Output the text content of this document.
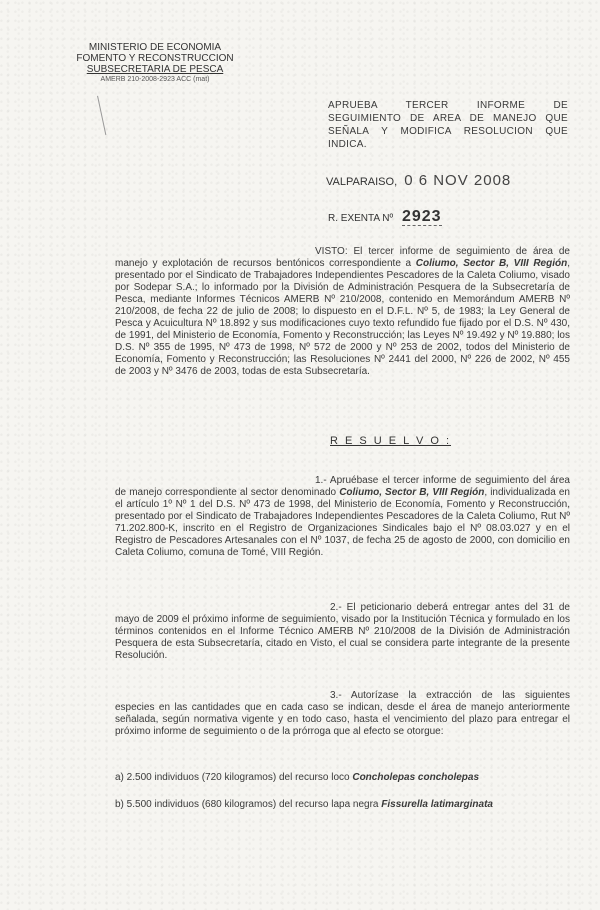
MINISTERIO DE ECONOMIA
FOMENTO Y RECONSTRUCCION
SUBSECRETARIA DE PESCA
AMERB 210-2008-2923 ACC (mat)
APRUEBA TERCER INFORME DE SEGUIMIENTO DE AREA DE MANEJO QUE SEÑALA Y MODIFICA RESOLUCION QUE INDICA.
VALPARAISO, 0 6 NOV 2008
R. EXENTA Nº 2923
VISTO: El tercer informe de seguimiento de área de manejo y explotación de recursos bentónicos correspondiente a Coliumo, Sector B, VIII Región, presentado por el Sindicato de Trabajadores Independientes Pescadores de la Caleta Coliumo, visado por Sodepar S.A.; lo informado por la División de Administración Pesquera de la Subsecretaría de Pesca, mediante Informes Técnicos AMERB Nº 210/2008, contenido en Memorándum AMERB Nº 210/2008, de fecha 22 de julio de 2008; lo dispuesto en el D.F.L. Nº 5, de 1983; la Ley General de Pesca y Acuicultura Nº 18.892 y sus modificaciones cuyo texto refundido fue fijado por el D.S. Nº 430, de 1991, del Ministerio de Economía, Fomento y Reconstrucción; las Leyes Nº 19.492 y Nº 19.880; los D.S. Nº 355 de 1995, Nº 473 de 1998, Nº 572 de 2000 y Nº 253 de 2002, todos del Ministerio de Economía, Fomento y Reconstrucción; las Resoluciones Nº 2441 del 2000, Nº 226 de 2002, Nº 455 de 2003 y Nº 3476 de 2003, todas de esta Subsecretaría.
R E S U E L V O :
1.- Apruébase el tercer informe de seguimiento del área de manejo correspondiente al sector denominado Coliumo, Sector B, VIII Región, individualizada en el artículo 1º Nº 1 del D.S. Nº 473 de 1998, del Ministerio de Economía, Fomento y Reconstrucción, presentado por el Sindicato de Trabajadores Independientes Pescadores de la Caleta Coliumo, Rut Nº 71.202.800-K, inscrito en el Registro de Organizaciones Sindicales bajo el Nº 08.03.027 y en el Registro de Pescadores Artesanales con el Nº 1037, de fecha 25 de agosto de 2000, con domicilio en Caleta Coliumo, comuna de Tomé, VIII Región.
2.- El peticionario deberá entregar antes del 31 de mayo de 2009 el próximo informe de seguimiento, visado por la Institución Técnica y formulado en los términos contenidos en el Informe Técnico AMERB Nº 210/2008 de la División de Administración Pesquera de esta Subsecretaría, citado en Visto, el cual se considera parte integrante de la presente Resolución.
3.- Autorízase la extracción de las siguientes especies en las cantidades que en cada caso se indican, desde el área de manejo anteriormente señalada, según normativa vigente y en todo caso, hasta el vencimiento del plazo para entregar el próximo informe de seguimiento o de la prórroga que al efecto se otorgue:
a) 2.500 individuos (720 kilogramos) del recurso loco Concholepas concholepas
b) 5.500 individuos (680 kilogramos) del recurso lapa negra Fissurella latimarginata
